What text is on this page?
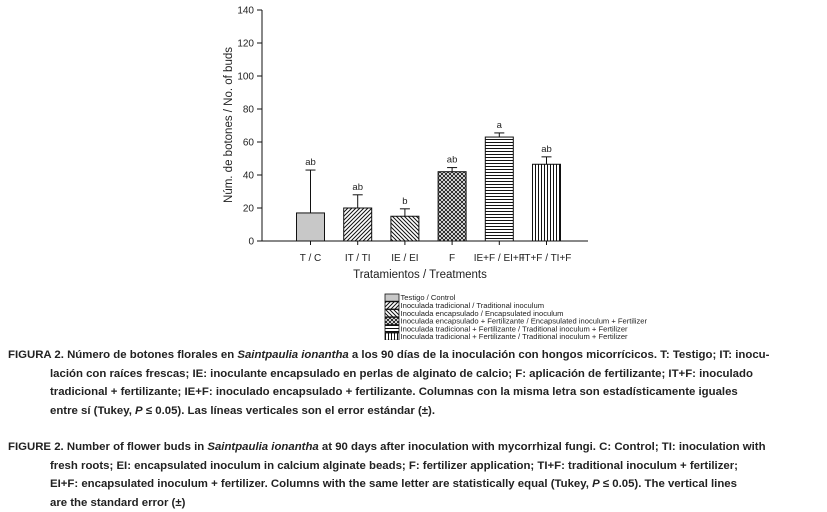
0
20
40
60
80
100
120
140
T / C
ab
IT / TI
ab
IE / EI
b
F
ab
IE+F / EI+F
a
IT+F / TI+F
ab
Núm. de botones / No. of buds
Tratamientos / Treatments
Testigo / Control
Inoculada tradicional / Traditional inoculum
Inoculada encapsulado / Encapsulated inoculum
Inoculada encapsulado + Fertilizante / Encapsulated inoculum + Fertilizer
Inoculada tradicional + Fertilizante / Traditional inoculum + Fertilizer
Inoculada tradicional + Fertilizante / Traditional inoculum + Fertilizer
FIGURA 2. Número de botones florales en Saintpaulia ionantha a los 90 días de la inoculación con hongos micorrícicos. T: Testigo; IT: inocu-
lación con raíces frescas; IE: inoculante encapsulado en perlas de alginato de calcio; F: aplicación de fertilizante; IT+F: inoculado
tradicional + fertilizante; IE+F: inoculado encapsulado + fertilizante. Columnas con la misma letra son estadísticamente iguales
entre sí (Tukey, P ≤ 0.05). Las líneas verticales son el error estándar (±).
FIGURE 2. Number of flower buds in Saintpaulia ionantha at 90 days after inoculation with mycorrhizal fungi. C: Control; TI: inoculation with
fresh roots; EI: encapsulated inoculum in calcium alginate beads; F: fertilizer application; TI+F: traditional inoculum + fertilizer;
EI+F: encapsulated inoculum + fertilizer. Columns with the same letter are statistically equal (Tukey, P ≤ 0.05). The vertical lines
are the standard error (±)
